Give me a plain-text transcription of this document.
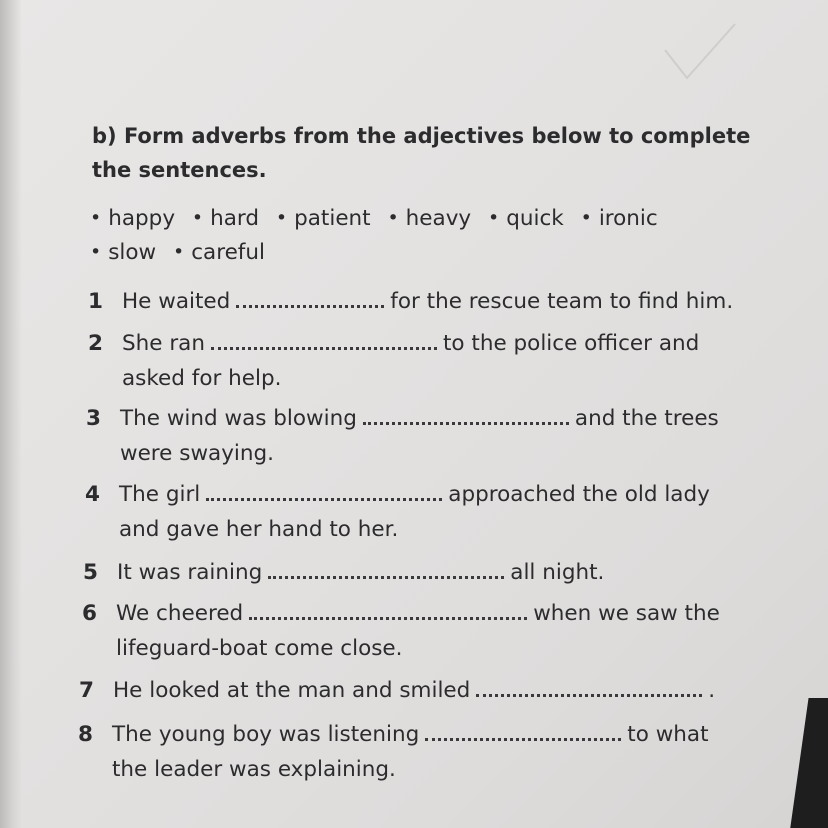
b) Form adverbs from the adjectives below to complete
the sentences.
• happy • hard • patient • heavy • quick • ironic
• slow • careful
1 He waited	for the rescue team to find him.
2 She ran	to the police officer and
asked for help.
3 The wind was blowing	and the trees
were swaying.
4 The girl	approached the old lady
and gave her hand to her.
5 It was raining	all night.
6 We cheered	when we saw the
lifeguard-boat come close.
7 He looked at the man and smiled	.
8 The young boy was listening	to what
the leader was explaining.
